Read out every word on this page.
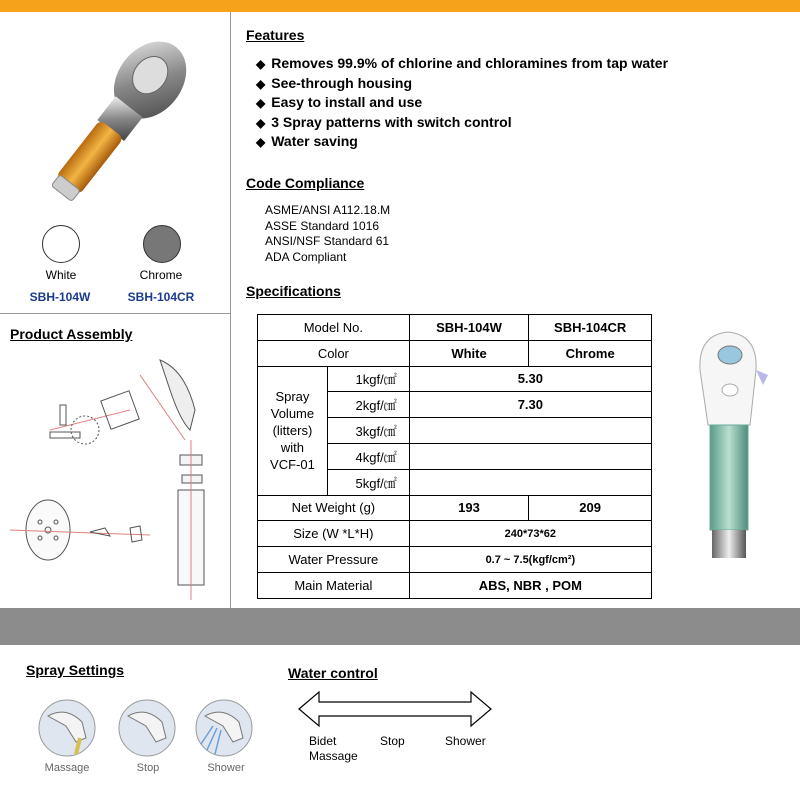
White	Chrome
SBH-104W	SBH-104CR
Product Assembly
Features
◆ Removes 99.9% of chlorine and chloramines from tap water
◆ See-through housing
◆ Easy to install and use
◆ 3 Spray patterns with switch control
◆ Water saving
Code Compliance
ASME/ANSI A112.18.M
ASSE Standard 1016
ANSI/NSF Standard 61
ADA Compliant
Specifications
Model No.		SBH-104W	SBH-104CR
Color		White	Chrome

Spray
Volume
(litters)
with
VCF-01	1kgf/㎠	5.30	
	2kgf/㎠	7.30	
	3kgf/㎠		
	4kgf/㎠		
	5kgf/㎠		
Net Weight (g)		193	209
Size (W *L*H)		240*73*62	
Water Pressure		0.7 ~ 7.5(kgf/cm²)	
Main Material		ABS, NBR , POM	
Spray Settings
Massage	Stop	Shower
Water control
Bidet
Massage
Stop	Shower
